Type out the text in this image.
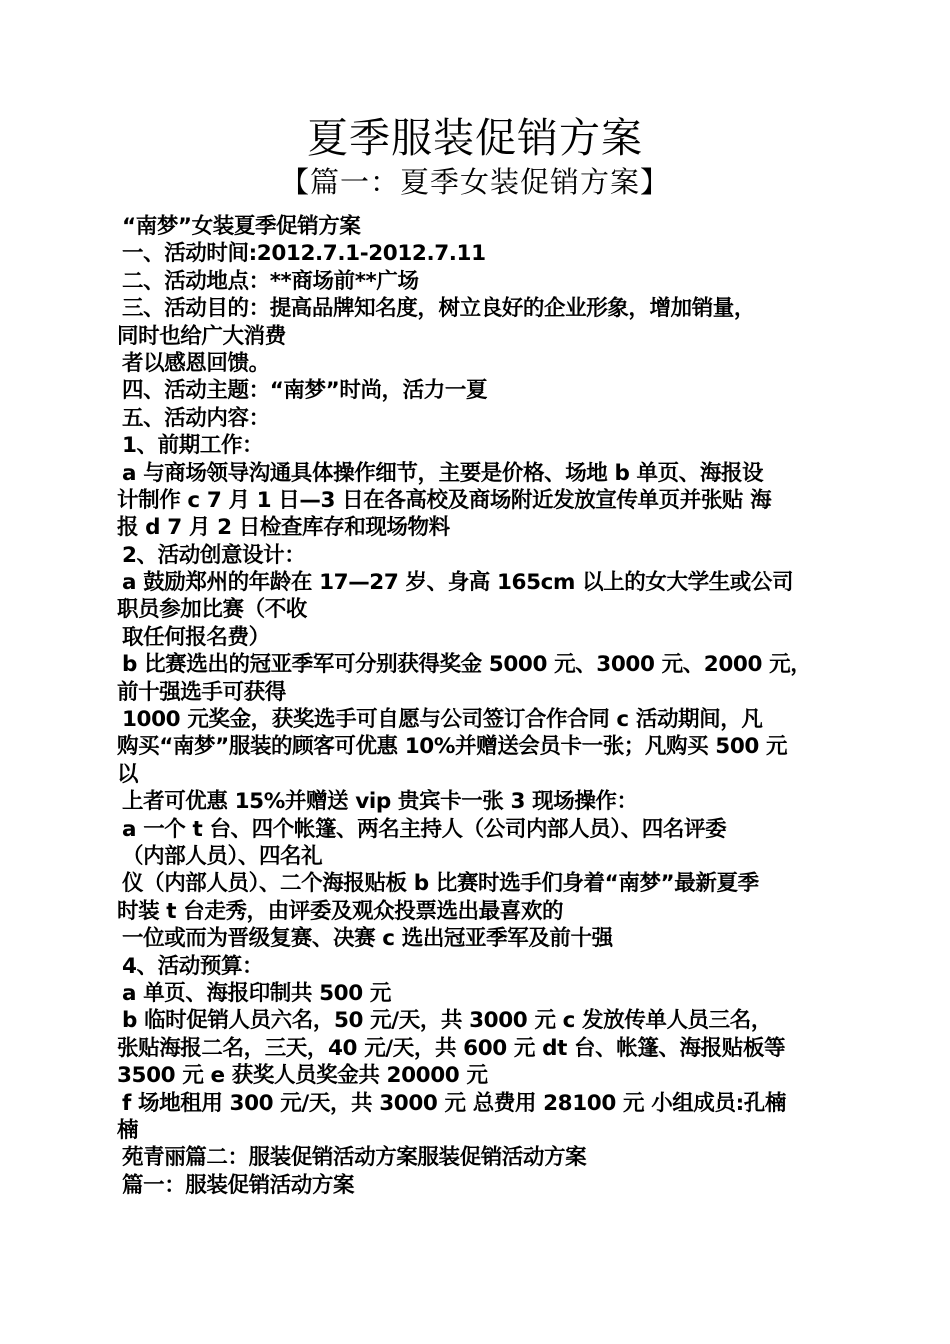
夏季服装促销方案
【篇一：夏季女装促销方案】
“南梦”女装夏季促销方案
一、活动时间:2012.7.1-2012.7.11
二、活动地点：**商场前**广场
三、活动目的：提高品牌知名度，树立良好的企业形象，增加销量，
同时也给广大消费
者以感恩回馈。
四、活动主题：“南梦”时尚，活力一夏
五、活动内容：
1、前期工作：
a 与商场领导沟通具体操作细节，主要是价格、场地 b 单页、海报设
计制作 c 7 月 1 日—3 日在各高校及商场附近发放宣传单页并张贴 海
报 d 7 月 2 日检查库存和现场物料
2、活动创意设计：
a 鼓励郑州的年龄在 17—27 岁、身高 165cm 以上的女大学生或公司
职员参加比赛（不收
取任何报名费）
b 比赛选出的冠亚季军可分别获得奖金 5000 元、3000 元、2000 元，
前十强选手可获得
1000 元奖金，获奖选手可自愿与公司签订合作合同 c 活动期间，凡
购买“南梦”服装的顾客可优惠 10%并赠送会员卡一张；凡购买 500 元
以
上者可优惠 15%并赠送 vip 贵宾卡一张 3 现场操作：
a 一个 t 台、四个帐篷、两名主持人（公司内部人员）、四名评委
（内部人员）、四名礼
仪（内部人员）、二个海报贴板 b 比赛时选手们身着“南梦”最新夏季
时装 t 台走秀，由评委及观众投票选出最喜欢的
一位或而为晋级复赛、决赛 c 选出冠亚季军及前十强
4、活动预算：
a 单页、海报印制共 500 元
b 临时促销人员六名，50 元/天，共 3000 元 c 发放传单人员三名，
张贴海报二名，三天，40 元/天，共 600 元 dt 台、帐篷、海报贴板等
3500 元 e 获奖人员奖金共 20000 元
f 场地租用 300 元/天，共 3000 元 总费用 28100 元 小组成员:孔楠
楠
苑青丽篇二：服装促销活动方案服装促销活动方案
篇一：服装促销活动方案
